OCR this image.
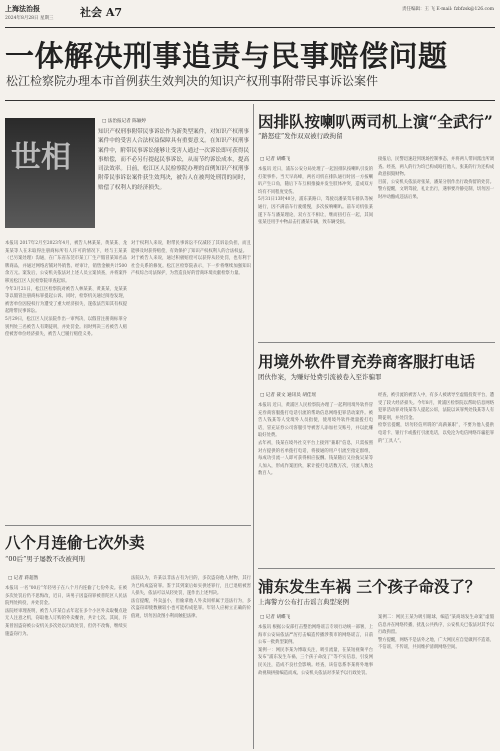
上海法治报
2024年8月28日 星期三 社会 A7	责任编辑：王 飞 E-mail: fzbfzsk@126.com
一体解决刑事追责与民事赔偿问题
松江检察院办理本市首例获生效判决的知识产权刑事附带民事诉讼案件
世相
□ 法治报记者 陈颖婷
知识产权刑事附带民事诉讼作为新类型案件，对知识产权刑事案件中的受害人合法权益保障具有重要意义。在知识产权刑事案件中，附带民事诉讼能够让受害人通过一次诉讼即可获得民事赔偿，而不必另行提起民事诉讼，从而节约诉讼成本，提高司法效率。日前，松江区人民检察院办理的首例知识产权刑事附带民事诉讼案件获生效判决，被告人在被判处刑罚的同时，赔偿了权利人的经济损失。
本报讯 2017年2月至2023年4月，被告人林某某、黄某某、龙某某等人在未取得注册商标所有人许可的情况下，经与王某某（已另案处理）沟通，在广东省东莞市某工厂生产假冒某知名品牌商品，并通过网络店铺对外销售。经审计，销售金额共计500余万元。案发后，公安机关依法对上述人员立案侦查，并将案件移送松江区人民检察院审查起诉。
今年3月21日，松江区检察院对被告人林某某、黄某某、龙某某等以假冒注册商标罪提起公诉。同时，检察机关通过阅卷发现，被害单位因侵权行为遭受了重大经济损失，遂依法告知其有权提起附带民事诉讼。
5月29日，松江区人民法院作出一审判决，以假冒注册商标罪分别判处三名被告人有期徒刑，并处罚金。同时判决三名被告人赔偿被害单位经济损失，被告人已履行赔偿义务。
对于权利人来说，附带民事诉讼不仅减轻了其诉讼负担，而且能够及时获得赔偿，有效保护了知识产权权利人的合法权益。
对于被告人来说，通过积极赔偿可以获得从轻处罚，也有利于社会关系的修复。松江区检察院表示，下一步将继续加强知识产权综合司法保护，为营造良好的营商环境贡献检察力量。
因排队按喇叭两司机上演“全武行”
“路怒症”发作双双被行政拘留
□ 记者 胡蝶飞
本报讯 近日，浦东公安分局处理了一起因排队按喇叭引发的打架事件。当天早高峰，两名司机在排队通行时因一方按喇叭产生口角，随后下车互相推搡并发生肢体冲突，造成双方均有不同程度受伤。
5月31日13时40分，浦东某路口，驾驶员潘某驾车排队等候通行，因不满前车行驶缓慢，多次按响喇叭。前车司机张某遂下车与潘某理论，双方互不相让，继而扭打在一起，其间张某还用手中物品击打潘某车辆，致车辆受损。
接报后，民警迅速赶到现场控制事态，并将两人带回派出所调查。经查，两人的行为均已构成殴打他人，张某的行为还构成故意损毁财物。
目前，公安机关依法对张某、潘某分别作出行政拘留的处罚。警方提醒，文明驾驶、礼让出行，遇事要冷静克制，切勿因一时冲动酿成违法后果。
用境外软件冒充券商客服打电话
团伙作案，为赚好处费引流被卷入至诈骗罪
□ 记者 聂文 通讯员 胡佳瑶
本报讯 近日，黄浦区人民检察院办理了一起利用境外软件冒充券商客服拨打电话引流的帮助信息网络犯罪活动案件。被告人钱某等人受境外人员指使，使用境外软件批量拨打电话，冒充证券公司客服引导被害人添加社交账号，并以此赚取好处费。
去年初，钱某在境外社交平台上接到“兼职”信息，只需按照对方提供的名单拨打电话，将接通的用户引流至指定群组，每成功引流一人即可获得相应报酬。钱某随后又拉拢吴某等人加入，形成作案团伙，累计拨打电话数万次，引流人数达数百人。
经查，被引流的被害人中，有多人被诱导至虚假投资平台，遭受了较大经济损失。今年8月，黄浦区检察院以帮助信息网络犯罪活动罪对钱某等人提起公诉，法院以该罪判处钱某等人有期徒刑，并处罚金。
检察官提醒，切勿轻信所谓的“高薪兼职”，不要为他人提供电话卡、银行卡或拨打引流电话，以免沦为电信网络诈骗犯罪的“工具人”。
八个月连偷七次外卖
“00后”男子屡教不改被判刑
□ 记者 蒋超然
本报讯 一名“00后”年轻男子在八个月内连偷了七份外卖。在被多次处罚后仍不思悔改，近日，该男子因盗窃罪被普陀区人民法院判处拘役，并处罚金。
法院经审理查明，被告人许某自去年起在多个小区外卖取餐点趁无人注意之机，窃取他人订购的外卖餐食，共计七次。其间，许某曾因盗窃被公安机关多次处以行政处罚，但仍不改悔，继续实施盗窃行为。
法院认为，许某以非法占有为目的，多次盗窃他人财物，其行为已构成盗窃罪。鉴于其到案后如实供述罪行，且已退赔被害人损失，依法可以从轻处罚，遂作出上述判决。
法官提醒，外卖虽小，但偷拿他人外卖同样属于违法行为，多次盗窃即使数额较小也可能构成犯罪。年轻人应树立正确的价值观，切勿因贪图小利而触犯法律。
浦东发生车祸 三个孩子命没了？
上海警方公布打击谣言典型案例
□ 记者 胡蝶飞
本报讯 根据公安部打击整治网络谣言专项行动统一部署，上海市公安局依法严厉打击编造传播涉我市的网络谣言，日前公布一批典型案例。
案例一：网民李某为博取关注、吸引流量，在某短视频平台发布“浦东发生车祸，三个孩子命没了”等不实信息，引发网民关注，造成不良社会影响。经查，该信息系李某将外地事故视频拼接编造而成。公安机关依法对李某予以行政处罚。
案例二：网民王某为吸引眼球，编造“某商场发生命案”虚假信息并在网络传播，扰乱公共秩序，公安机关已依法对其予以行政拘留。
警方提醒，网络不是法外之地，广大网民应自觉做到不造谣、不信谣、不传谣，共同维护清朗网络空间。
